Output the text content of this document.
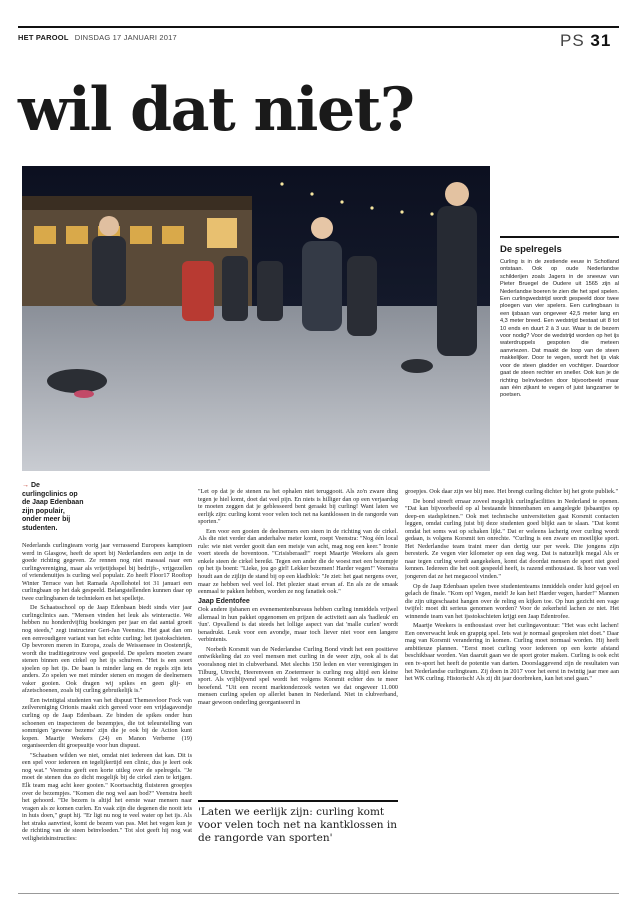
HET PAROOL DINSDAG 17 JANUARI 2017	PS 31
wil dat niet?
De spelregels

Curling is in de zestiende eeuw in Schotland ontstaan. Ook op oude Nederlandse schilderijen zoals Jagers in de sneeuw van Pieter Bruegel de Oudere uit 1565 zijn al Nederlandse boeren te zien die het spel spelen. Een curlingwedstrijd wordt gespeeld door twee ploegen van vier spelers. Een curlingbaan is een ijsbaan van ongeveer 42,5 meter lang en 4,3 meter breed. Een wedstrijd bestaat uit 8 tot 10 ends en duurt 2 à 3 uur. Waar is de bezem voor nodig? Voor de wedstrijd worden op het ijs waterdruppels gespoten die meteen aanvriezen. Dat maakt de loop van de steen makkelijker. Door te vegen, wordt het ijs vlak voor de steen gladder en vochtiger. Daardoor gaat de steen rechter en sneller. Ook kun je de richting beïnvloeden door bijvoorbeeld maar aan één zijkant te vegen of juist langzamer te poetsen.

→ De curlingclinics op de Jaap Edenbaan zijn populair, onder meer bij studenten.

Nederlands curlingteam vorig jaar verrassend Europees kampioen werd in Glasgow, heeft de sport bij Nederlanders een zetje in de goede richting gegeven. Ze rennen nog niet massaal naar een curlingvereniging, maar als vrijetijdsspel bij bedrijfs-, vrijgezellen of vriendenuitjes is curling wel populair. Zo heeft Floor17 Rooftop Winter Terrace van het Ramada Apollohotel tot 31 januari een curlingbaan op het dak gespeeld. Belangstellenden kunnen daar op twee curlingbanen de technieken en het spelletje.

De Schaatsschool op de Jaap Edenbaan biedt sinds vier jaar curlingclinics aan. "Mensen vinden het leuk als winteractie. We hebben nu honderdvijftig boekingen per jaar en dat aantal groeit nog steeds," zegt instructeur Gert-Jan Veenstra. Het gaat dan om een eenvoudigere variant van het echte curling: het ijsstokschieten. Op bevroren meren in Europa, zoals de Weissensee in Oostenrijk, wordt die traditiegetrouw veel gespeeld. De spelers moeten zware stenen binnen een cirkel op het ijs schuiven. "Het is een soort sjoelen op het ijs. De baan is minder lang en de regels zijn iets anders. Zo spelen we met minder stenen en mogen de deelnemers vaker gooien. Ook dragen wij spikes en geen glij- en afzetschoenen, zoals bij curling gebruikelijk is."

Een twintigtal studenten van het dispuut Themesvloor Fock van zeilvereniging Orionis maakt zich gereed voor een vrijdagavondje curling op de Jaap Edenbaan. Ze binden de spikes onder hun schoenen en inspecteren de bezempjes, die tot teleurstelling van sommigen 'gewone bezems' zijn die je ook bij de Action kunt kopen. Maartje Weekers (24) en Manon Verberne (19) organiseerden dit groepsuitje voor hun dispuut.

"Schaatsen wilden we niet, omdat niet iedereen dat kan. Dit is een spel voor iedereen en tegelijkertijd een clinic, dus je leert ook nog wat." Veenstra geeft een korte uitleg over de spelregels. "Je moet de stenen dus zo dicht mogelijk bij de cirkel zien te krijgen. Elk team mag acht keer gooien." Koortsachtig fluisteren groepjes over de bezempjes. "Komen die nog wel aan bod?" Veenstra heeft het gehoord. "De bezem is altijd het eerste waar mensen naar vragen als ze komen curlen. En vaak zijn die degenen die nooit iets in huis doen," grapt hij. "Er ligt nu nog te veel water op het ijs. Als het straks aanvriest, komt de bezem van pas. Met het vegen kun je de richting van de steen beïnvloeden." Tot slot geeft hij nog wat veiligheidsinstructies:

"Let op dat je de stenen na het ophalen niet teruggooit. Als zo'n zware ding tegen je hiel komt, doet dat veel pijn. En niets is hilliger dan op een verjaardag te moeten zeggen dat je geblesseerd bent geraakt bij curling! Want laten we eerlijk zijn: curling komt voor velen toch net na kantklossen in de rangorde van sporten."

Een voor een gooien de deelnemers een steen in de richting van de cirkel. Als die niet verder dan anderhalve meter komt, roept Veenstra: "Nog één local rule: wie niet verder gooit dan een meisje van acht, mag nog een keer." Ironie voert steeds de boventoon. "Crisisberaad!" roept Maartje Weekers als geen enkele steen de cirkel bereikt. Tegen een ander die de woest met een bezempje op het ijs boent: "Lieke, jou go girl! Lekker bezemen! Harder vegen!" Veenstra houdt aan de zijlijn de stand bij op een kladblok: "Je ziet: het gaat nergens over, maar ze hebben wel veel lol. Het plezier staat ervan af. En als ze de smaak eenmaal te pakken hebben, worden ze nog fanatiek ook."

Jaap Edentofee

Ook andere ijsbanen en evenementenbureaus hebben curling inmiddels vrijwel allemaal in hun pakket opgenomen en prijzen de activiteit aan als 'hadleuk' en 'fun'. Opvallend is dat steeds het lollige aspect van dat 'malle curlen' wordt benadrukt. Leuk voor een avondje, maar toch liever niet voor een langere verbintenis.

Norbeth Korsmit van de Nederlandse Curling Bond vindt het een positieve ontwikkeling dat zo veel mensen met curling in de weer zijn, ook al is dat vooralsnog niet in clubverband. Met slechts 150 leden en vier verenigingen in Tilburg, Utrecht, Heerenveen en Zoetermeer is curling nog altijd een kleine sport. Als vrijblijvend spel wordt het volgens Korsmit echter des te meer beoefend. "Uit een recent marktonderzoek weten we dat ongeveer 11.000 mensen curling spelen op allerlei banen in Nederland. Niet in clubverband, maar gewoon onderling georganiseerd in

groepjes. Ook daar zijn we blij mee. Het brengt curling dichter bij het grote publiek."

De bond streeft ernaar zoveel mogelijk curlingfacilities in Nederland te openen. "Dat kan bijvoorbeeld op al bestaande binnenbanen en aangelegde ijsbaantjes op deep-en stadspleinen." Ook met technische universiteiten gaat Korsmit contacten leggen, omdat curling juist bij deze studenten goed blijkt aan te slaan. "Dat komt omdat het soms wat op schaken lijkt." Dat er weleens lacherig over curling wordt gedaan, is volgens Korsmit ten onrechte. "Curling is een zware en moeilijke sport. Het Nederlandse team traint meer dan dertig uur per week. Die jongens zijn beresterk. Ze vegen vier kilometer op een dag weg. Dat is natuurlijk megal Als er naar tegen curling wordt aangekeken, komt dat doordat mensen de sport niet goed kennen. Iedereen die het ooit gespeeld heeft, is razend enthousiast. Ik hoor van veel jongeren dat ze het megacool vinden."

Op de Jaap Edenbaan spelen twee studententeams inmiddels onder luid gejoel en gelach de finale. "Kom op! Vegen, meid! Je kan het! Harder vegen, harder!" Mannen die zijn uitgeschaatst hangen over de reling en kijken toe. Op hun gezicht een vage twijfel: moet dit serieus genomen worden? Voor de zekerheid lachen ze niet. Het winnende team van het ijsstokschieten krijgt een Jaap Edentrofee.

Maartje Weekers is enthousiast over het curlingavontuur: "Het was echt lachen! Een onverwacht leuk en grappig spel. Iets wat je normaal gesproken niet doet." Daar mag van Korsmit verandering in komen. Curling moet normaal worden. Hij heeft ambitieuze plannen. "Eerst moet curling voor iedereen op een korte afstand beschikbaar worden. Van daaruit gaan we de sport groter maken. Curling is ook echt een tv-sport het heeft de potentie van darten. Doorslaggevend zijn de resultaten van het Nederlandse curlingteam. Zij doen in 2017 voor het eerst in twintig jaar mee aan het WK curling. Historisch! Als zij dit jaar doorbreken, kan het snel gaan."

'Laten we eerlijk zijn: curling komt voor velen toch net na kantklossen in de rangorde van sporten'
